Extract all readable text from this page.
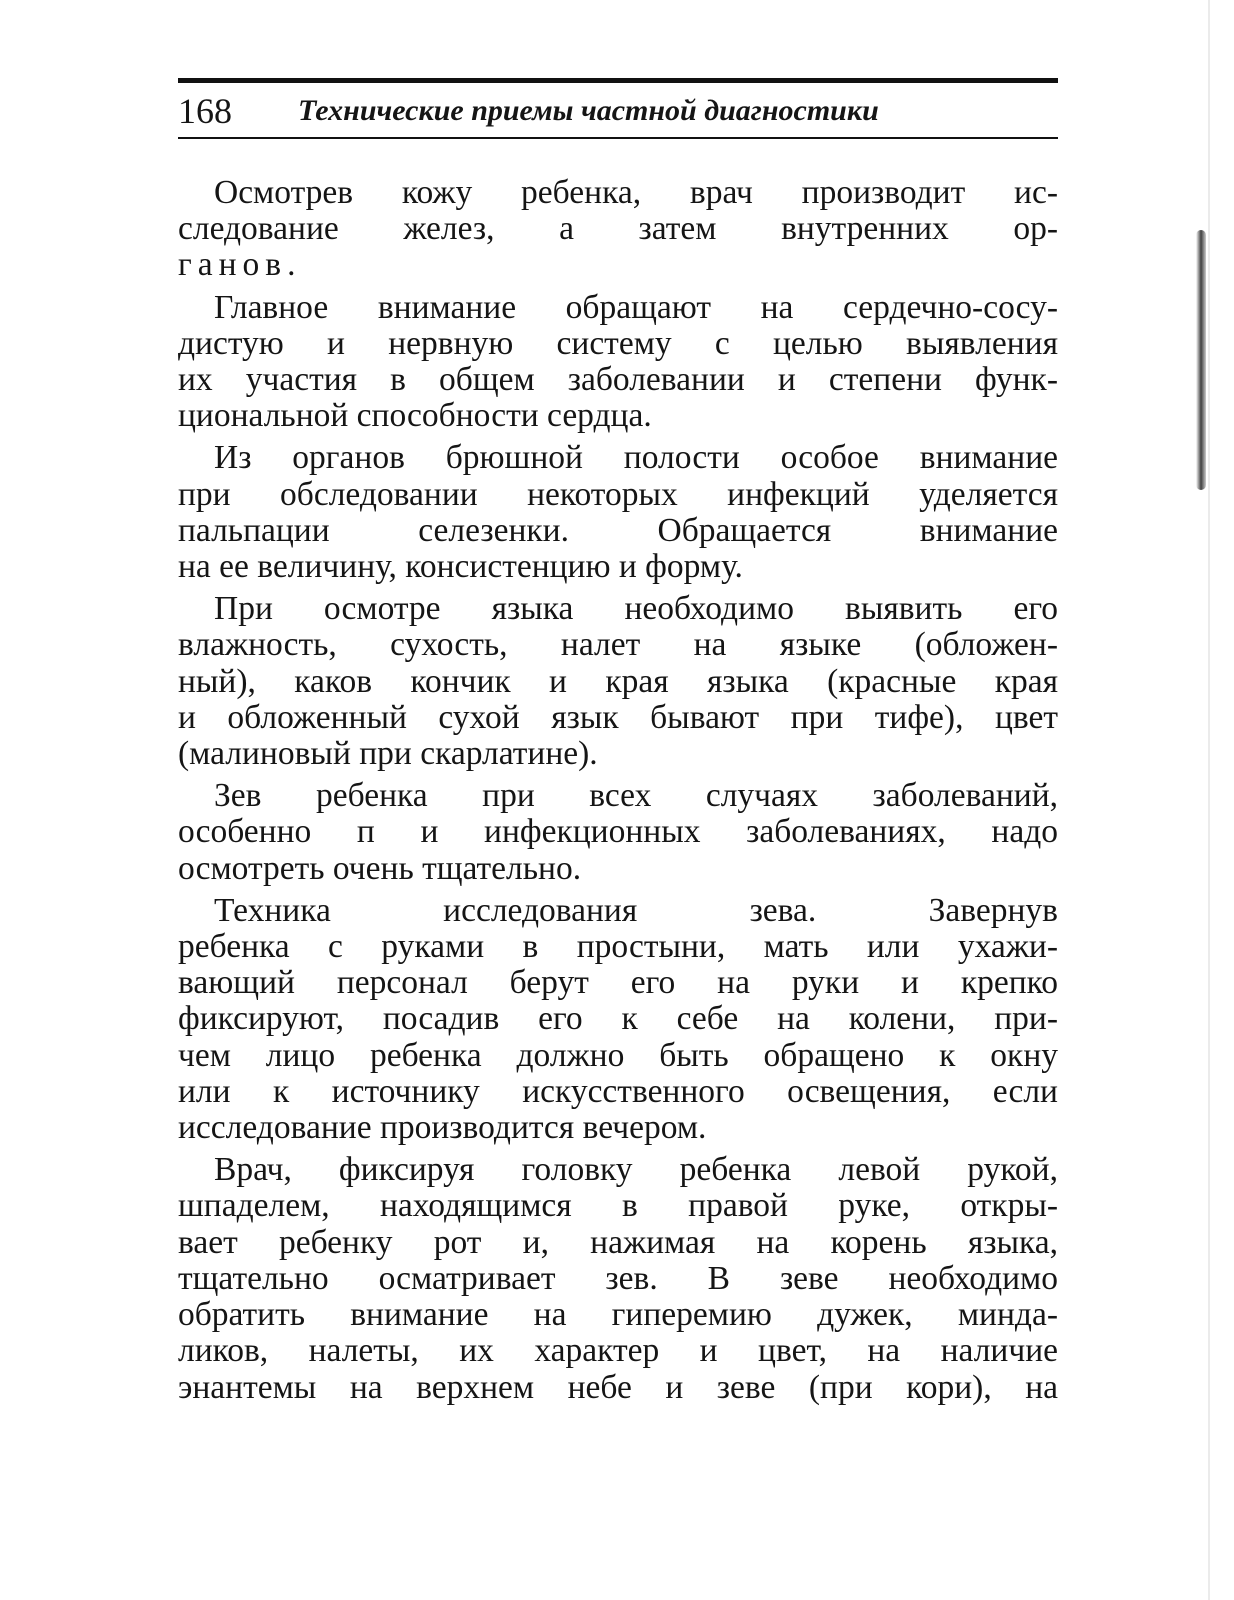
168 Технические приемы частной диагностики

Осмотрев кожу ребенка, врач производит ис-
следование желез, а затем внутренних ор-
ганов.

Главное внимание обращают на сердечно-сосу-
дистую и нервную систему с целью выявления
их участия в общем заболевании и степени функ-
циональной способности сердца.

Из органов брюшной полости особое внимание
при обследовании некоторых инфекций уделяется
пальпации селезенки. Обращается внимание
на ее величину, консистенцию и форму.

При осмотре языка необходимо выявить его
влажность, сухость, налет на языке (обложен-
ный), каков кончик и края языка (красные края
и обложенный сухой язык бывают при тифе), цвет
(малиновый при скарлатине).

Зев ребенка при всех случаях заболеваний,
особенно п и инфекционных заболеваниях, надо
осмотреть очень тщательно.

Техника исследования зева. Завернув
ребенка с руками в простыни, мать или ухажи-
вающий персонал берут его на руки и крепко
фиксируют, посадив его к себе на колени, при-
чем лицо ребенка должно быть обращено к окну
или к источнику искусственного освещения, если
исследование производится вечером.

Врач, фиксируя головку ребенка левой рукой,
шпаделем, находящимся в правой руке, откры-
вает ребенку рот и, нажимая на корень языка,
тщательно осматривает зев. В зеве необходимо
обратить внимание на гиперемию дужек, минда-
ликов, налеты, их характер и цвет, на наличие
энантемы на верхнем небе и зеве (при кори), на
